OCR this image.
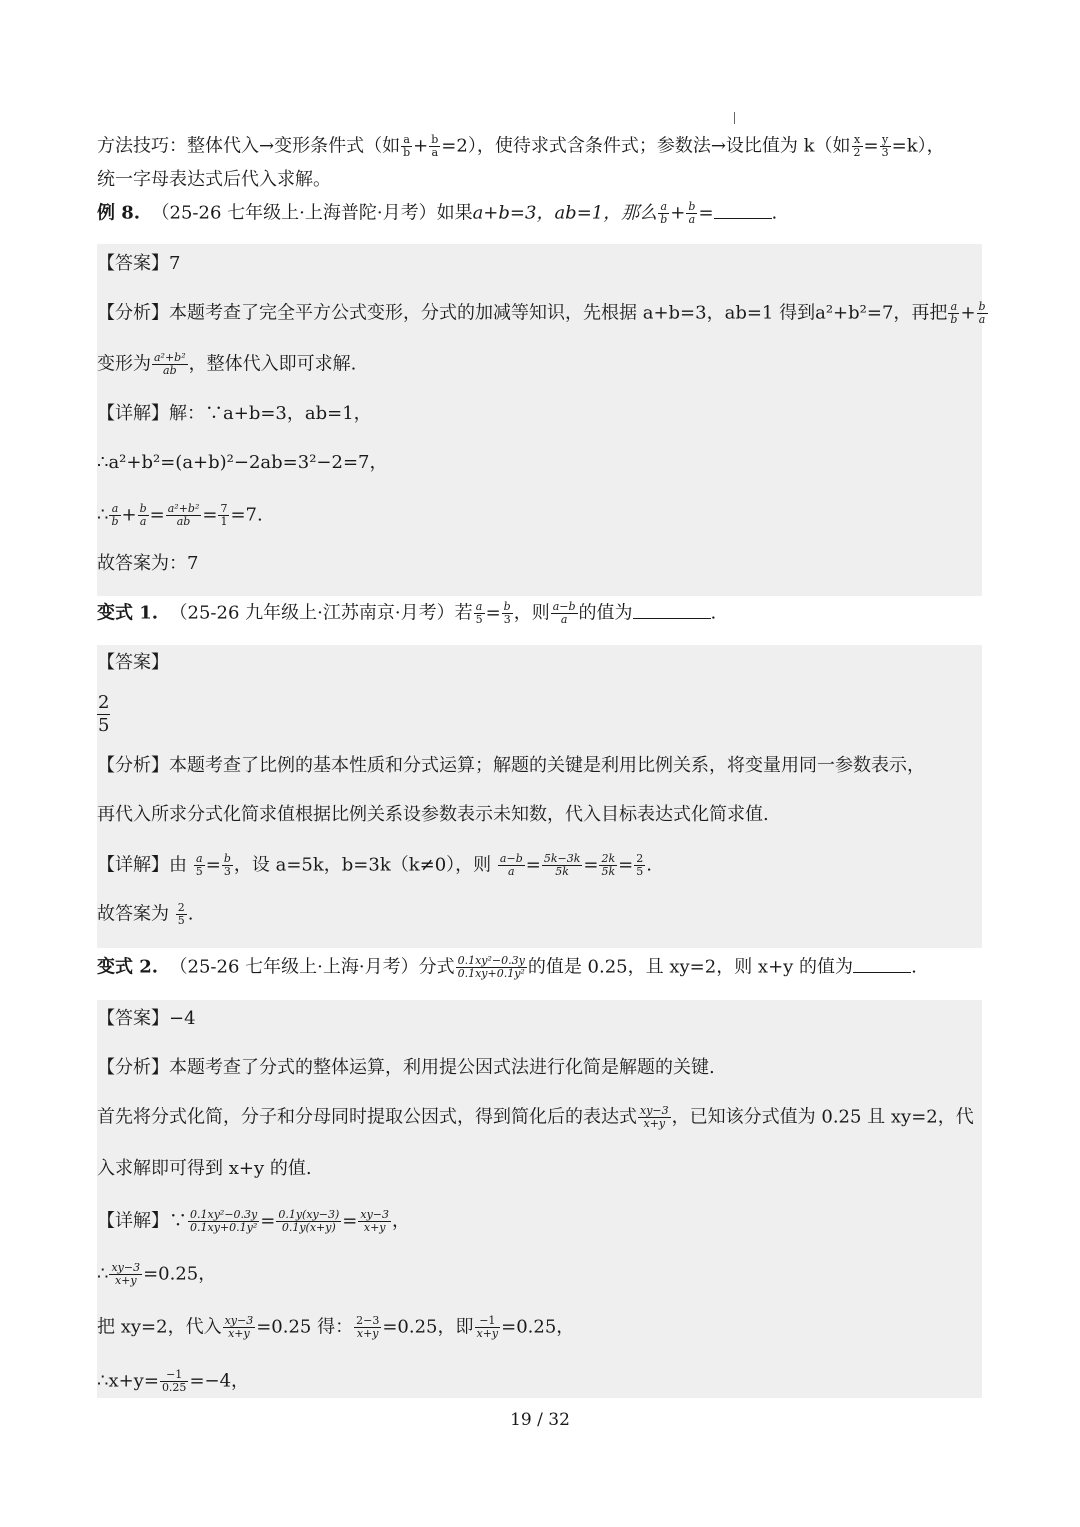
方法技巧：整体代入→变形条件式（如 $\frac{a}{b} + \frac{b}{a} =2$），使待求式含条件式；参数法→设比值为 k（如 $\frac{x}{2} = \frac{y}{3} =k$），
统一字母表达式后代入求解。
例 8. （25-26 七年级上·上海普陀·月考）如果a+b=3，ab=1，那么 $\frac{a}{b} + \frac{b}{a}$ =	.
【答案】7
【分析】本题考查了完全平方公式变形，分式的加减等知识，先根据 a+b=3，ab=1 得到a²+b²=7，再把 $\frac{a}{b} + \frac{b}{a}$
变形为 $\frac{\text{a²+b²}}{ab}$ ，整体代入即可求解.
【详解】解：∵a+b=3，ab=1，
∴a²+b²=(a+b)²−2ab=3²−2=7，
∴ $\frac{a}{b} + \frac{b}{a} = \frac{\text{a²+b²}}{ab} = \frac{7}{1} =7$.
故答案为：7
变式 1. （25-26 九年级上·江苏南京·月考）若 $\frac{a}{5} = \frac{b}{3}$ ，则 $\frac{a-b}{a}$ 的值为	.
【答案】
$\frac{2}{5}$
【分析】本题考查了比例的基本性质和分式运算；解题的关键是利用比例关系，将变量用同一参数表示，
再代入所求分式化简求值根据比例关系设参数表示未知数，代入目标表达式化简求值.
【详解】由 $\frac{a}{5} = \frac{b}{3}$ ，设 a=5k，b=3k（k≠0），则 $\frac{a-b}{a} = \frac{5k-3k}{5k} = \frac{2k}{5k} = \frac{2}{5}$ .
故答案为 $\frac{2}{5}$ .
变式 2. （25-26 七年级上·上海·月考）分式 $\frac{\text{0.1xy²−0.3y}}{\text{0.1xy+0.1y²}}$ 的值是 0.25，且 xy=2，则 x+y 的值为	.
【答案】−4
【分析】本题考查了分式的整体运算，利用提公因式法进行化简是解题的关键.
首先将分式化简，分子和分母同时提取公因式，得到简化后的表达式 $\frac{xy-3}{x+y}$ ，已知该分式值为 0.25 且 xy=2，代
入求解即可得到 x+y 的值.
【详解】∵ $\frac{\text{0.1xy²−0.3y}}{\text{0.1xy+0.1y²}} = \frac{0.1y(xy-3)}{0.1y(x+y)} = \frac{xy-3}{x+y}$ ，
∴ $\frac{xy-3}{x+y} =0.25$，
把 xy=2，代入 $\frac{xy-3}{x+y} =0.25$ 得： $\frac{2-3}{x+y} =0.25$，即 $\frac{-1}{x+y} =0.25$，
∴x+y= $\frac{-1}{0.25} =-4$，
19 / 32
